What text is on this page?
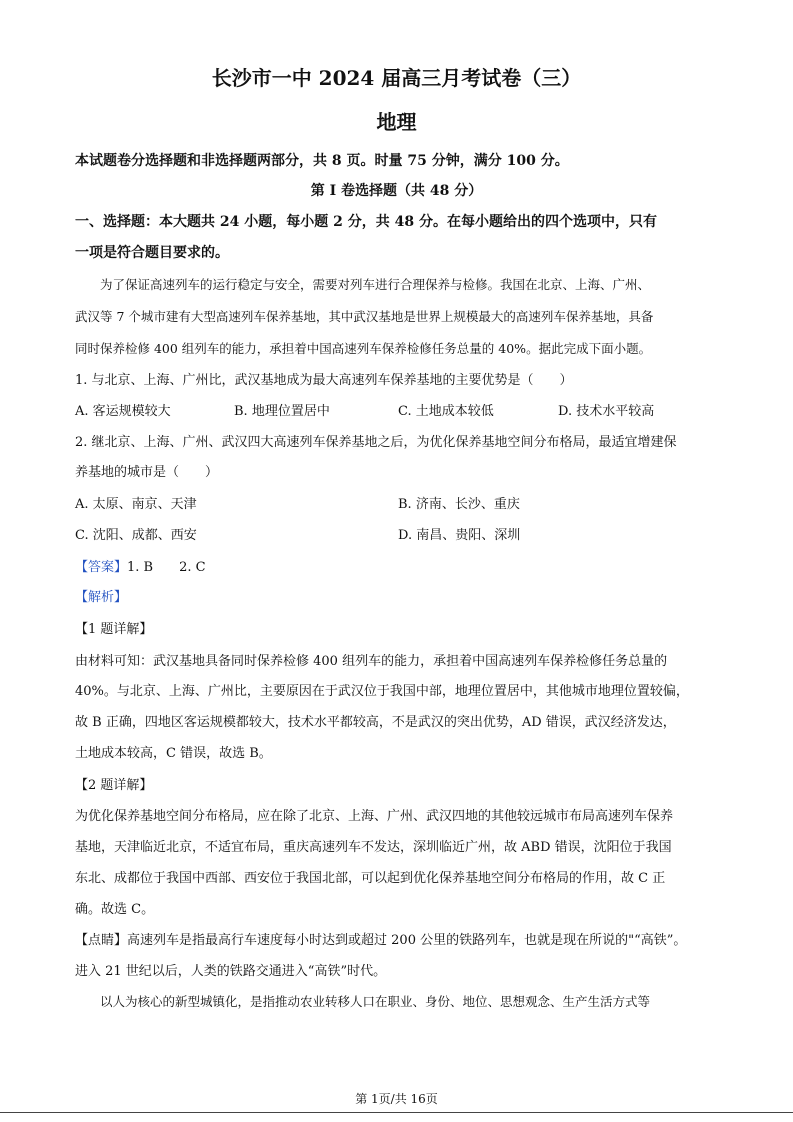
长沙市一中 2024 届高三月考试卷（三）
地理
本试题卷分选择题和非选择题两部分，共 8 页。时量 75 分钟，满分 100 分。
第 I 卷选择题（共 48 分）
一、选择题：本大题共 24 小题，每小题 2 分，共 48 分。在每小题给出的四个选项中，只有
一项是符合题目要求的。
为了保证高速列车的运行稳定与安全，需要对列车进行合理保养与检修。我国在北京、上海、广州、
武汉等 7 个城市建有大型高速列车保养基地，其中武汉基地是世界上规模最大的高速列车保养基地，具备
同时保养检修 400 组列车的能力，承担着中国高速列车保养检修任务总量的 40%。据此完成下面小题。
1. 与北京、上海、广州比，武汉基地成为最大高速列车保养基地的主要优势是（　　）
A. 客运规模较大	B. 地理位置居中	C. 土地成本较低	D. 技术水平较高
2. 继北京、上海、广州、武汉四大高速列车保养基地之后，为优化保养基地空间分布格局，最适宜增建保
养基地的城市是（　　）
A. 太原、南京、天津	B. 济南、长沙、重庆
C. 沈阳、成都、西安	D. 南昌、贵阳、深圳
【答案】1. B　　2. C
【解析】
【1 题详解】
由材料可知：武汉基地具备同时保养检修 400 组列车的能力，承担着中国高速列车保养检修任务总量的
40%。与北京、上海、广州比，主要原因在于武汉位于我国中部，地理位置居中，其他城市地理位置较偏，
故 B 正确，四地区客运规模都较大，技术水平都较高，不是武汉的突出优势，AD 错误，武汉经济发达，
土地成本较高，C 错误，故选 B。
【2 题详解】
为优化保养基地空间分布格局，应在除了北京、上海、广州、武汉四地的其他较远城市布局高速列车保养
基地，天津临近北京，不适宜布局，重庆高速列车不发达，深圳临近广州，故 ABD 错误，沈阳位于我国
东北、成都位于我国中西部、西安位于我国北部，可以起到优化保养基地空间分布格局的作用，故 C 正
确。故选 C。
【点睛】高速列车是指最高行车速度每小时达到或超过 200 公里的铁路列车，也就是现在所说的"“高铁”。
进入 21 世纪以后，人类的铁路交通进入“高铁”时代。
以人为核心的新型城镇化，是指推动农业转移人口在职业、身份、地位、思想观念、生产生活方式等
第 1页/共 16页
